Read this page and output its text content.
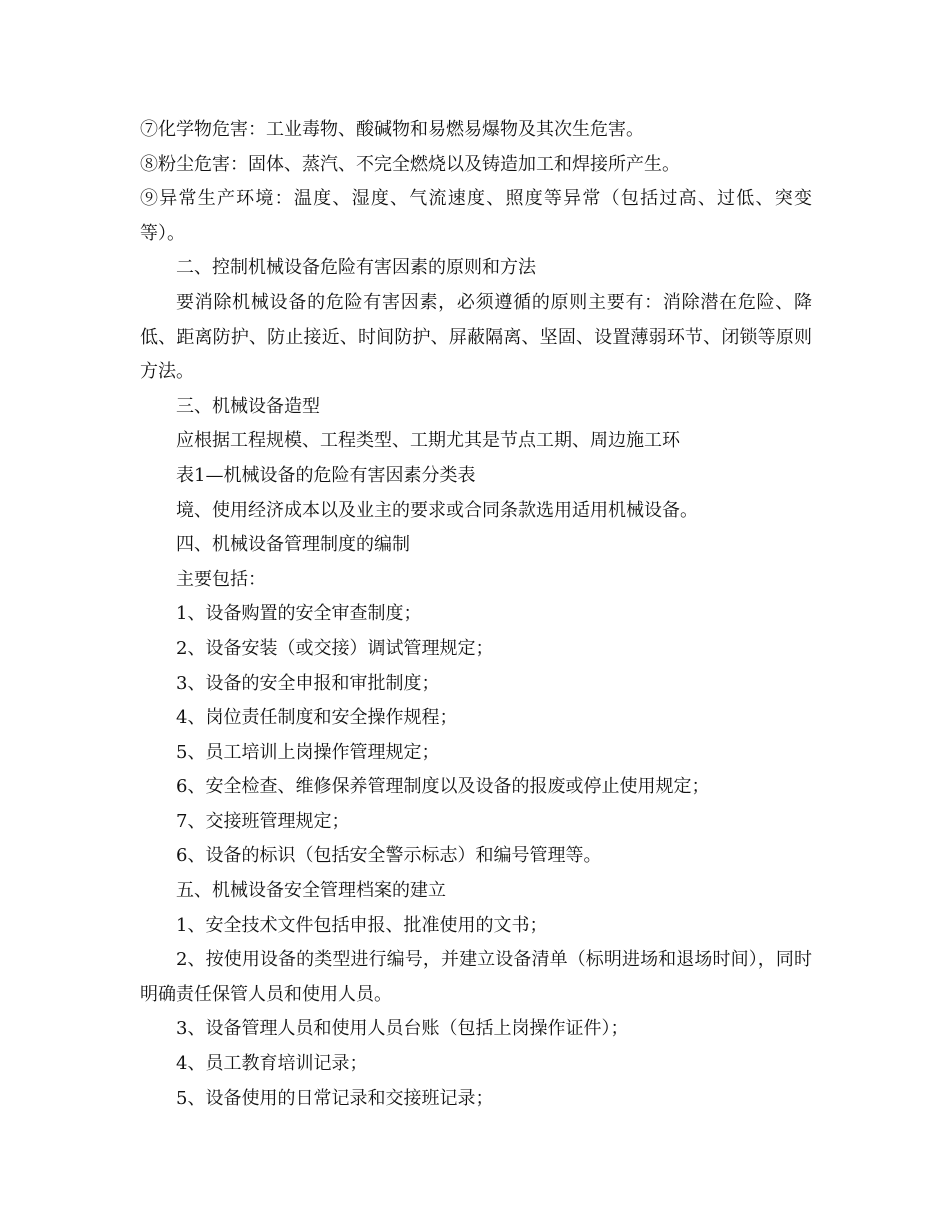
⑦化学物危害：工业毒物、酸碱物和易燃易爆物及其次生危害。

⑧粉尘危害：固体、蒸汽、不完全燃烧以及铸造加工和焊接所产生。

⑨异常生产环境：温度、湿度、气流速度、照度等异常（包括过高、过低、突变等）。

二、控制机械设备危险有害因素的原则和方法

要消除机械设备的危险有害因素，必须遵循的原则主要有：消除潜在危险、降低、距离防护、防止接近、时间防护、屏蔽隔离、坚固、设置薄弱环节、闭锁等原则方法。

三、机械设备造型

应根据工程规模、工程类型、工期尤其是节点工期、周边施工环

表1—机械设备的危险有害因素分类表

境、使用经济成本以及业主的要求或合同条款选用适用机械设备。

四、机械设备管理制度的编制

主要包括：

1、设备购置的安全审查制度；

2、设备安装（或交接）调试管理规定；

3、设备的安全申报和审批制度；

4、岗位责任制度和安全操作规程；

5、员工培训上岗操作管理规定；

6、安全检查、维修保养管理制度以及设备的报废或停止使用规定；

7、交接班管理规定；

6、设备的标识（包括安全警示标志）和编号管理等。

五、机械设备安全管理档案的建立

1、安全技术文件包括申报、批准使用的文书；

2、按使用设备的类型进行编号，并建立设备清单（标明进场和退场时间），同时明确责任保管人员和使用人员。

3、设备管理人员和使用人员台账（包括上岗操作证件）；

4、员工教育培训记录；

5、设备使用的日常记录和交接班记录；
